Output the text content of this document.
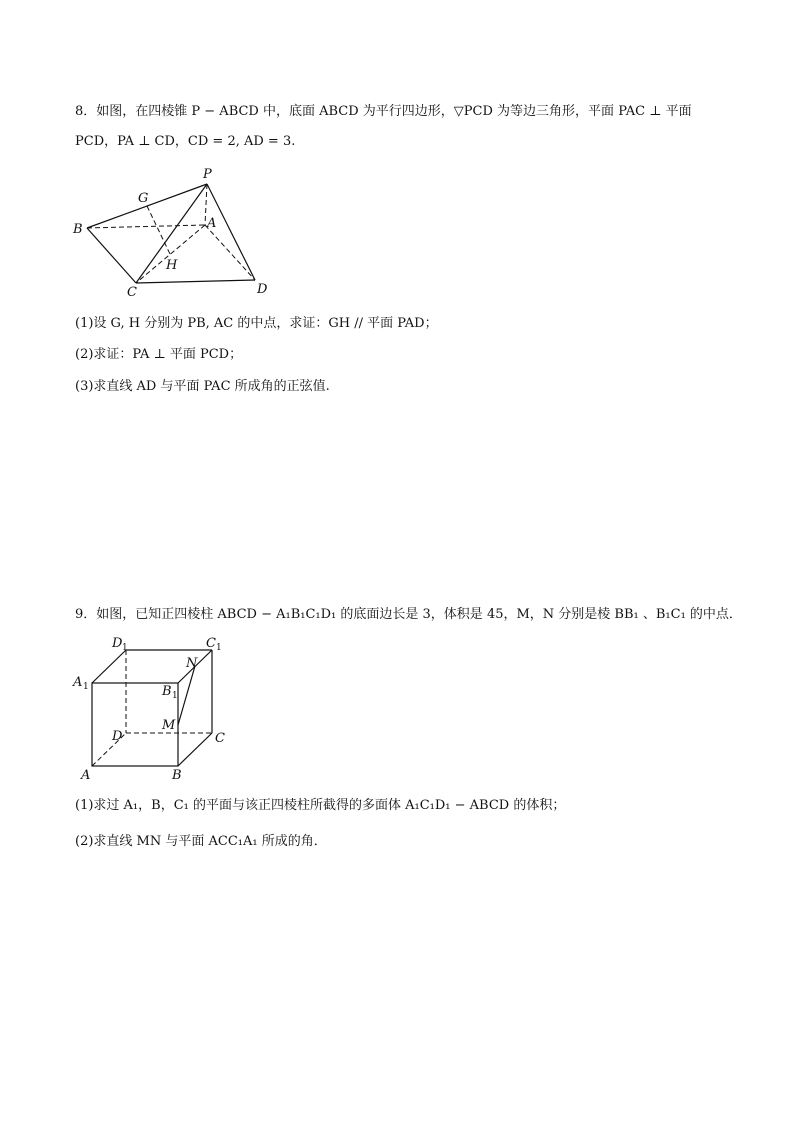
8．如图，在四棱锥 P − ABCD 中，底面 ABCD 为平行四边形，▽PCD 为等边三角形，平面 PAC ⊥ 平面
PCD，PA ⊥ CD，CD = 2, AD = 3.
P
G
A
B
H
C	D
(1)设 G, H 分别为 PB, AC 的中点，求证：GH // 平面 PAD；
(2)求证：PA ⊥ 平面 PCD；
(3)求直线 AD 与平面 PAC 所成角的正弦值.
9．如图，已知正四棱柱 ABCD − A₁B₁C₁D₁ 的底面边长是 3，体积是 45，M，N 分别是棱 BB₁ 、B₁C₁ 的中点．
D 1	C 1
N
A 1	B 1
M
D	C
A	B
(1)求过 A₁，B，C₁ 的平面与该正四棱柱所截得的多面体 A₁C₁D₁ − ABCD 的体积；
(2)求直线 MN 与平面 ACC₁A₁ 所成的角．
